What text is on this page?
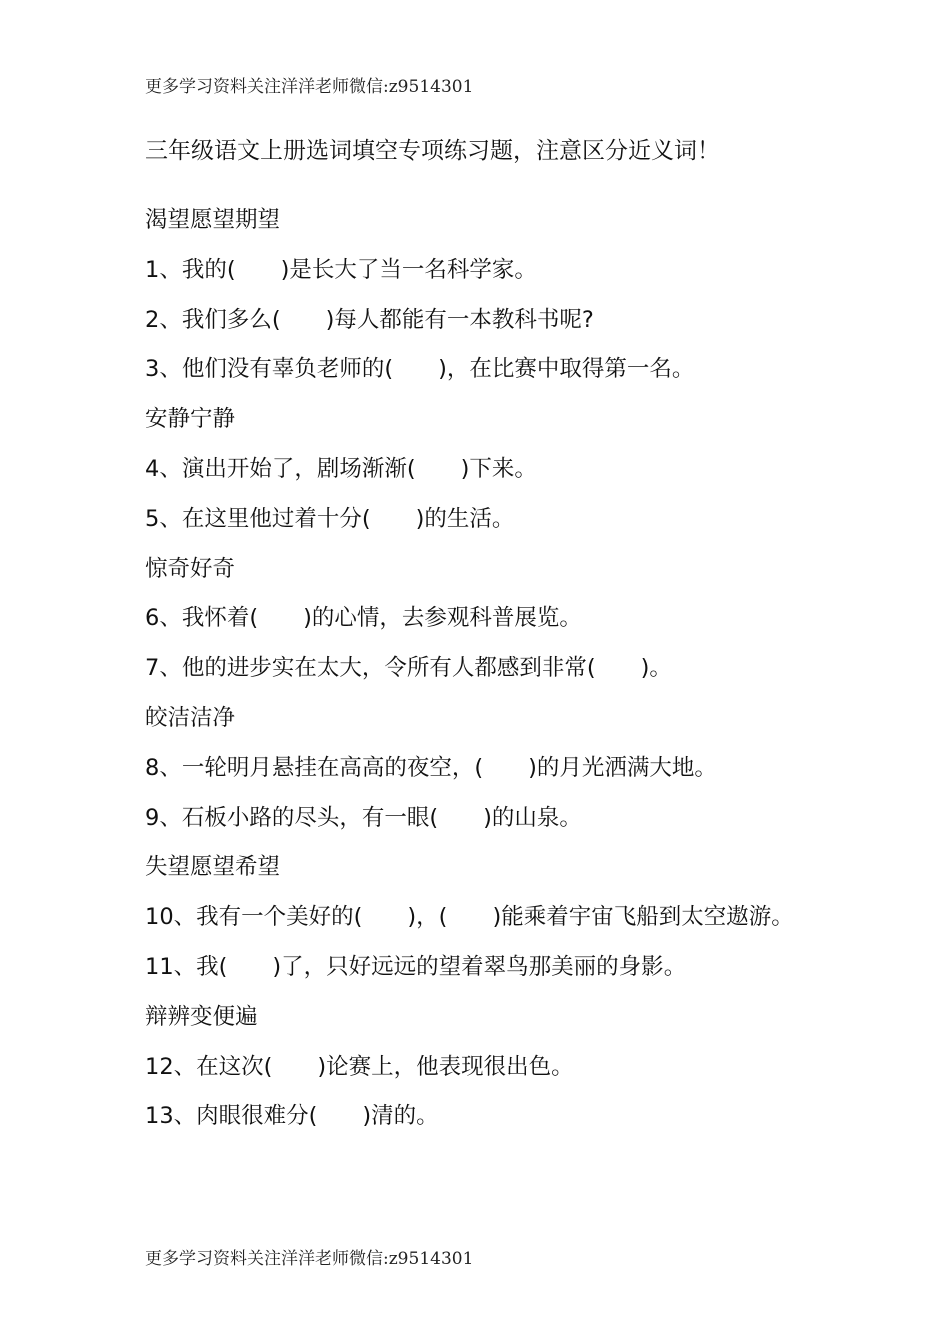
更多学习资料关注洋洋老师微信:z9514301
三年级语文上册选词填空专项练习题，注意区分近义词！
渴望愿望期望
1、我的(　　)是长大了当一名科学家。
2、我们多么(　　)每人都能有一本教科书呢?
3、他们没有辜负老师的(　　)，在比赛中取得第一名。
安静宁静
4、演出开始了，剧场渐渐(　　)下来。
5、在这里他过着十分(　　)的生活。
惊奇好奇
6、我怀着(　　)的心情，去参观科普展览。
7、他的进步实在太大，令所有人都感到非常(　　)。
皎洁洁净
8、一轮明月悬挂在高高的夜空，(　　)的月光洒满大地。
9、石板小路的尽头，有一眼(　　)的山泉。
失望愿望希望
10、我有一个美好的(　　)，(　　)能乘着宇宙飞船到太空遨游。
11、我(　　)了，只好远远的望着翠鸟那美丽的身影。
辩辨变便遍
12、在这次(　　)论赛上，他表现很出色。
13、肉眼很难分(　　)清的。
更多学习资料关注洋洋老师微信:z9514301
